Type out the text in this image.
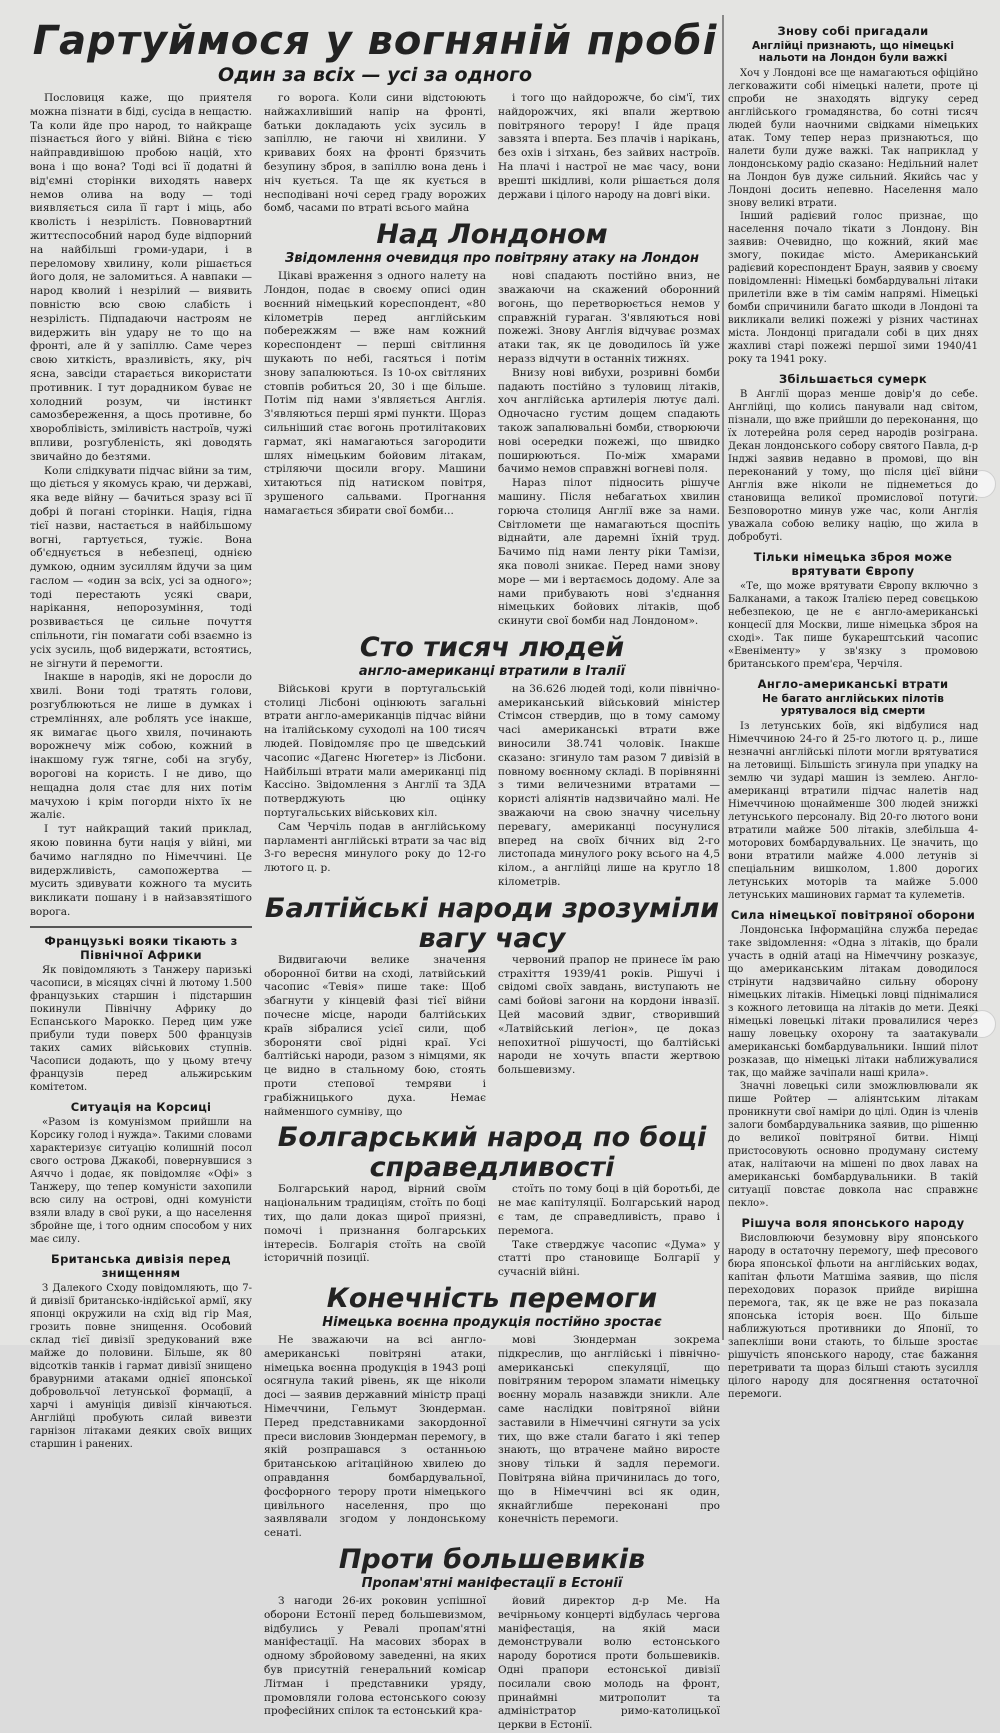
Гартуймося у вогняній пробі
Один за всіх — усі за одного

Пословиця каже, що приятеля можна пізнати в біді, сусіда в нещастю. Та коли йде про народ, то найкраще пізнається його у війні. Війна є тією найправдивішою пробою націй, хто вона і що вона? Тоді всі її додатні й від'ємні сторінки виходять наверх немов олива на воду — тоді виявляється сила її гарт і міць, або кволість і незрілість. Повновартний життєспособний народ буде відпорний на найбільші громи-удари, і в переломову хвилину, коли рішається його доля, не заломиться. А навпаки — народ кволий і незрілий — виявить повністю всю свою слабість і незрілість. Підпадаючи настроям не видержить він удару не то що на фронті, але й у запіллю. Саме через свою хиткість, вразливість, яку, річ ясна, завсіди старається використати противник. І тут дорадником буває не холодний розум, чи інстинкт самозбереження, а щось противне, бо хвороблівість, зміливість настроїв, чужі впливи, розгубленість, які доводять звичайно до безтями.

Коли слідкувати підчас війни за тим, що діється у якомусь краю, чи державі, яка веде війну — бачиться зразу всі її добрі й погані сторінки. Нація, гідна тієї назви, настається в найбільшому вогні, гартується, тужіє. Вона об'єднується в небезпеці, однією думкою, одним зусиллям йдучи за цим гаслом — «один за всіх, усі за одного»; тоді перестають усякі свари, нарікання, непорозуміння, тоді розвивається це сильне почуття спільноти, гін помагати собі взаємно із усіх зусиль, щоб видержати, встоятись, не зігнути й перемогти.

Інакше в народів, які не доросли до хвилі. Вони тоді тратять голови, розгублюються не лише в думках і стремліннях, але роблять усе інакше, як вимагає цього хвиля, починають ворожнечу між собою, кожний в інакшому гуж тягне, собі на згубу, ворогові на користь. І не диво, що нещадна доля стає для них потім мачухою і крім погорди ніхто їх не жаліє.

І тут найкращий такий приклад, якою повинна бути нація у війні, ми бачимо наглядно по Німеччині. Це видержливість, самопожертва — мусить здивувати кожного та мусить викликати пошану і в найзавзятішого ворога.

Французькі вояки тікають з Північної Африки

Як повідомляють з Танжеру паризькі часописи, в місяцях січні й лютому 1.500 французьких старшин і підстаршин покинули Північну Африку до Еспанського Марокко. Перед цим уже прибули туди поверх 500 французів таких самих військових ступнів. Часописи додають, що у цьому втечу французів перед альжирським комітетом.

Ситуація на Корсиці

«Разом із комунізмом прийшли на Корсику голод і нужда». Такими словами характеризує ситуацію колишній посол свого острова Джакобі, повернувшися з Аяччо і додає, як повідомляє «Офі» з Танжеру, що тепер комуністи захопили всю силу на острові, одні комуністи взяли владу в свої руки, а що населення збройне ще, і того одним способом у них має силу.

Британська дивізія перед знищенням

З Далекого Сходу повідомляють, що 7-й дивізії британсько-індійської армії, яку японці окружили на схід від гір Мая, грозить повне знищення. Особовий склад тієї дивізії зредукований вже майже до половини. Більше, як 80 відсотків танків і гармат дивізії знищено бравурними атаками однієї японської добровольчої летунської формації, а харчі і амуніція дивізії кінчаються. Англійці пробують силай вивезти гарнізон літаками деяких своїх вищих старшин і ранених.

го ворога. Коли сини відстоюють найжахливіший напір на фронті, батьки докладають усіх зусиль в запіллю, не гаючи ні хвилини. У кривавих боях на фронті брязчить безупину зброя, в запіллю вона день і ніч кується. Та ще як кується в несподівані ночі серед граду ворожих бомб, часами по втраті всього майна

і того що найдорожче, бо сім'ї, тих найдорожчих, які впали жертвою повітряного терору! І йде праця завзята і вперта. Без плачів і нарікань, без охів і зітхань, без зайвих настроїв. На плачі і настрої не має часу, вони врешті шкідливі, коли рішається доля держави і цілого народу на довгі віки.

Над Лондоном
Звідомлення очевидця про повітряну атаку на Лондон

Цікаві враження з одного налету на Лондон, подає в своєму описі один воєнний німецький кореспондент, «80 кілометрів перед англійським побережжям — вже нам кожний кореспондент — перші світлиння шукають по небі, гасяться і потім знову запалюються. Із 10-ох світляних стовпів робиться 20, 30 і ще більше. Потім під нами з'являється Англія. З'являються перші ярмі пункти. Щораз сильніший стає вогонь протилітакових гармат, які намагаються загородити шлях німецьким бойовим літакам, стріляючи щосили вгору. Машини хитаються під натиском повітря, зрушеного сальвами. Прогнання намагається збирати свої бомби...

нові спадають постійно вниз, не зважаючи на скажений оборонний вогонь, що перетворюється немов у справжній гураган. З'являються нові пожежі. Знову Англія відчуває розмах атаки так, як це доводилось їй уже неразз відчути в останніх тижнях.

Внизу нові вибухи, розривні бомби падають постійно з туловищ літаків, хоч англійська артилерія лютує далі. Одночасно густим дощем спадають також запалювальні бомби, створюючи нові осередки пожежі, що швидко поширюються. По-між хмарами бачимо немов справжні вогневі поля.

Нараз пілот підносить рішуче машину. Після небагатьох хвилин горюча столиця Англії вже за нами. Світломети ще намагаються щоспіть віднайти, але даремні їхній труд. Бачимо під нами ленту ріки Тамізи, яка поволі зникає. Перед нами знову море — ми і вертаємось додому. Але за нами прибувають нові з'єднання німецьких бойових літаків, щоб скинути свої бомби над Лондоном».

Сто тисяч людей
англо-американці втратили в Італії

Військові круги в португальській столиці Лісбоні оцінюють загальні втрати англо-американців підчас війни на італійському суходолі на 100 тисяч людей. Повідомляє про це шведський часопис «Дагенс Нюгетер» із Лісбони. Найбільші втрати мали американці під Кассіно. Звідомлення з Англії та ЗДА потверджують цю оцінку португальських військових кіл.

Сам Черчіль подав в англійському парламенті англійські втрати за час від 3-го вересня минулого року до 12-го лютого ц. р.

на 36.626 людей тоді, коли північно-американський військовий міністер Стімсон ствердив, що в тому самому часі американські втрати вже виносили 38.741 чоловік. Інакше сказано: згинуло там разом 7 дивізій в повному воєнному складі. В порівнянні з тими величезними втратами — користі аліянтів надзвичайно малі. Не зважаючи на свою значну чисельну перевагу, американці посунулися вперед на своїх бічних від 2-го листопада минулого року всього на 4,5 кілом., а англійці лише на кругло 18 кілометрів.

Балтійські народи зрозуміли вагу часу

Видвигаючи велике значення оборонної битви на сході, латвійський часопис «Тевія» пише таке: Щоб збагнути у кінцевій фазі тієї війни почесне місце, народи балтійських країв зібралися усієї сили, щоб збороняти свої рідні краї. Усі балтійські народи, разом з німцями, як це видно в стальному бою, стоять проти степової темряви і грабіжницького духа. Немає найменшого сумніву, що

червоний прапор не принесе їм раю страхіття 1939/41 років. Рішучі і свідомі своїх завдань, виступають не самі бойові загони на кордони інвазії. Цей масовий здвиг, створивший «Латвійський легіон», це доказ непохитної рішучості, що балтійські народи не хочуть впасти жертвою большевизму.

Болгарський народ по боці справедливості

Болгарський народ, вірний своїм національним традиціям, стоїть по боці тих, що дали доказ щирої приязні, помочі і признання болгарських інтересів. Болгарія стоїть на своїй історичній позиції.

стоїть по тому боці в цій боротьбі, де не має капітуляції. Болгарський народ є там, де справедливість, право і перемога.

Таке стверджує часопис «Дума» у статті про становище Болгарії у сучасній війні.

Конечність перемоги
Німецька воєнна продукція постійно зростає

Не зважаючи на всі англо-американські повітряні атаки, німецька воєнна продукція в 1943 році осягнула такий рівень, як ще ніколи досі — заявив державний міністр праці Німеччини, Гельмут Зюндерман. Перед представниками закордонної преси висловив Зюндерман перемогу, в якій розпрашався з останньою британською агітаційною хвилею до оправдання бомбардувальної, фосфорного терору проти німецького цивільного населення, про що заявлявали згодом у лондонському сенаті.

мові Зюндерман зокрема підкреслив, що англійські і північно-американські спекуляції, що повітряним терором зламати німецьку воєнну мораль назавжди зникли. Але саме наслідки повітряної війни заставили в Німеччині сягнути за усіх тих, що вже стали багато і які тепер знають, що втрачене майно виросте знову тільки й задля перемоги. Повітряна війна причинилась до того, що в Німеччині всі як один, якнайглибше переконані про конечність перемоги.

Проти большевиків
Пропам'ятні маніфестації в Естонії

З нагоди 26-их роковин успішної оборони Естонії перед большевизмом, відбулись у Ревалі пропам'ятні маніфестації. На масових зборах в одному збройовому заведенні, на яких був присутній генеральний комісар Літман і представники уряду, промовляли голова естонського союзу професійних спілок та естонський кра-

йовий директор д-р Ме. На вечірньому концерті відбулась чергова маніфестація, на якій маси демонстрували волю естонського народу боротися проти большевиків. Одні прапори естонської дивізії посилали свою молодь на фронт, принаймні митрополит та адміністратор римо-католицької церкви в Естонії.

Знову собі пригадали
Англійці признають, що німецькі нальоти на Лондон були важкі

Хоч у Лондоні все ще намагаються офіційно легковажити собі німецькі налети, проте ці спроби не знаходять відгуку серед англійського громадянства, бо сотні тисяч людей були наочними свідками німецьких атак. Тому тепер нераз признаються, що налети були дуже важкі. Так наприклад у лондонському радіо сказано: Недільний налет на Лондон був дуже сильний. Якийсь час у Лондоні досить непевно. Населення мало знову великі втрати.

Інший радієвий голос признає, що населення почало тікати з Лондону. Він заявив: Очевидно, що кожний, який має змогу, покидає місто. Американський радієвий кореспондент Браун, заявив у своєму повідомленні: Німецькі бомбардувальні літаки прилетіли вже в тім самім напрямі. Німецькі бомби спричинили багато шкоди в Лондоні та викликали великі пожежі у різних частинах міста. Лондонці пригадали собі в цих днях жахливі старі пожежі першої зими 1940/41 року та 1941 року.

Збільшається сумерк

В Англії щораз менше довір'я до себе. Англійці, що колись панували над світом, пізнали, що вже прийшли до переконання, що їх лотерейна роля серед народів розіграна. Декан лондонського собору святого Павла, д-р Інджі заявив недавно в промові, що він переконаний у тому, що після цієї війни Англія вже ніколи не піднеметься до становища великої промислової потуги. Безповоротно минув уже час, коли Англія уважала собою велику націю, що жила в добробуті.

Тільки німецька зброя може врятувати Європу

«Те, що може врятувати Європу включно з Балканами, а також Італією перед совєцькою небезпекою, це не є англо-американські концесії для Москви, лише німецька зброя на сході». Так пише букарештський часопис «Евеніменту» у зв'язку з промовою британського прем'єра, Черчіля.

Англо-американські втрати
Не багато англійських пілотів урятувалося від смерти

Із летунських боїв, які відбулися над Німеччиною 24-го й 25-го лютого ц. р., лише незначні англійські пілоти могли врятуватися на летовищі. Більшість згинула при упадку на землю чи зударі машин із землею. Англо-американці втратили підчас налетів над Німеччиною щонайменше 300 людей знижкі летунського персоналу. Від 20-го лютого вони втратили майже 500 літаків, злебільша 4-моторових бомбардувальних. Це значить, що вони втратили майже 4.000 летунів зі спеціальним вишколом, 1.800 дорогих летунських моторів та майже 5.000 летунських машинових гармат та кулеметів.

Сила німецької повітряної оборони

Лондонська Інформаційна служба передає таке звідомлення: «Одна з літаків, що брали участь в одній атаці на Німеччину розказує, що американським літакам доводилося стрінути надзвичайно сильну оборону німецьких літаків. Німецькі ловці піднімалися з кожного летовища на літаків до мети. Деякі німецькі ловецькі літаки провалилися через нашу ловецьку охорону та заатакували американські бомбардувальники. Інший пілот розказав, що німецькі літаки наближувалися так, що майже зачіпали наші крила».

Значні ловецькі сили зможлювлювали як пише Ройтер — аліянтським літакам проникнути свої наміри до цілі. Один із членів залоги бомбардувальника заявив, що рішенню до великої повітряної битви. Німці пристосовують основно продуману систему атак, налітаючи на мішені по двох лавах на американські бомбардувальники. В такій ситуації повстає довкола нас справжнє пекло».

Рішуча воля японського народу

Висловлюючи безумовну віру японського народу в остаточну перемогу, шеф пресового бюра японської фльоти на англійських водах, капітан фльоти Матшіма заявив, що після переходових поразок прийде вирішна перемога, так, як це вже не раз показала японська історія воєн. Що більше наближуються противники до Японії, то запекліши вони стають, то більше зростає рішучість японського народу, стає бажання перетривати та щораз більші стають зусилля цілого народу для досягнення остаточної перемоги.
